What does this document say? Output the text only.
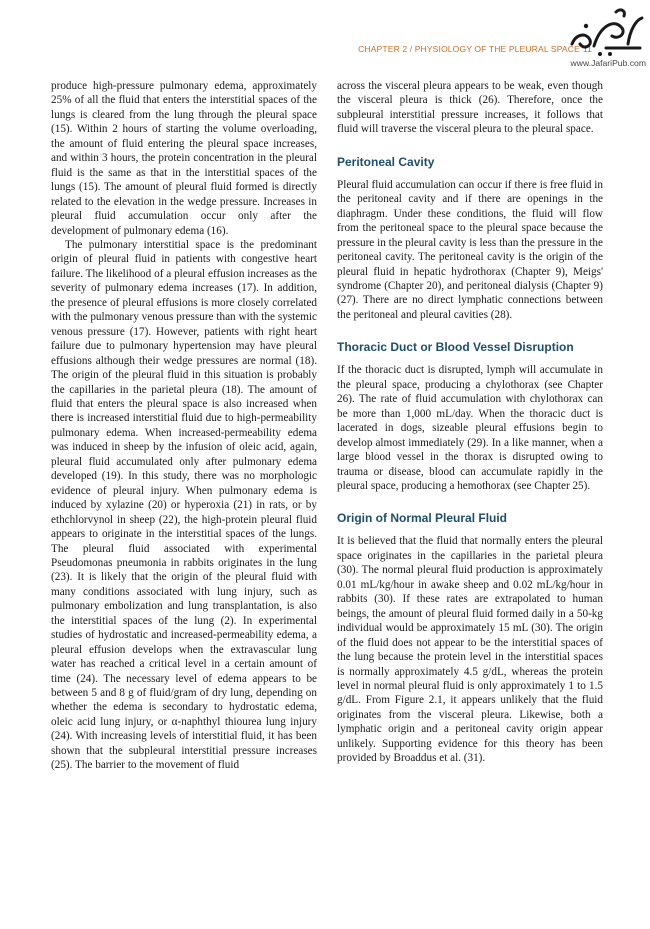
CHAPTER 2 / PHYSIOLOGY OF THE PLEURAL SPACE 11
www.JafariPub.com

produce high-pressure pulmonary edema, approximately 25% of all the fluid that enters the interstitial spaces of the lungs is cleared from the lung through the pleural space (15). Within 2 hours of starting the volume overloading, the amount of fluid entering the pleural space increases, and within 3 hours, the protein concentration in the pleural fluid is the same as that in the interstitial spaces of the lungs (15). The amount of pleural fluid formed is directly related to the elevation in the wedge pressure. Increases in pleural fluid accumulation occur only after the development of pulmonary edema (16).

The pulmonary interstitial space is the predominant origin of pleural fluid in patients with congestive heart failure. The likelihood of a pleural effusion increases as the severity of pulmonary edema increases (17). In addition, the presence of pleural effusions is more closely correlated with the pulmonary venous pressure than with the systemic venous pressure (17). However, patients with right heart failure due to pulmonary hypertension may have pleural effusions although their wedge pressures are normal (18). The origin of the pleural fluid in this situation is probably the capillaries in the parietal pleura (18). The amount of fluid that enters the pleural space is also increased when there is increased interstitial fluid due to high-permeability pulmonary edema. When increased-permeability edema was induced in sheep by the infusion of oleic acid, again, pleural fluid accumulated only after pulmonary edema developed (19). In this study, there was no morphologic evidence of pleural injury. When pulmonary edema is induced by xylazine (20) or hyperoxia (21) in rats, or by ethchlorvynol in sheep (22), the high-protein pleural fluid appears to originate in the interstitial spaces of the lungs. The pleural fluid associated with experimental Pseudomonas pneumonia in rabbits originates in the lung (23). It is likely that the origin of the pleural fluid with many conditions associated with lung injury, such as pulmonary embolization and lung transplantation, is also the interstitial spaces of the lung (2). In experimental studies of hydrostatic and increased-permeability edema, a pleural effusion develops when the extravascular lung water has reached a critical level in a certain amount of time (24). The necessary level of edema appears to be between 5 and 8 g of fluid/gram of dry lung, depending on whether the edema is secondary to hydrostatic edema, oleic acid lung injury, or α-naphthyl thiourea lung injury (24). With increasing levels of interstitial fluid, it has been shown that the subpleural interstitial pressure increases (25). The barrier to the movement of fluid

across the visceral pleura appears to be weak, even though the visceral pleura is thick (26). Therefore, once the subpleural interstitial pressure increases, it follows that fluid will traverse the visceral pleura to the pleural space.

Peritoneal Cavity

Pleural fluid accumulation can occur if there is free fluid in the peritoneal cavity and if there are openings in the diaphragm. Under these conditions, the fluid will flow from the peritoneal space to the pleural space because the pressure in the pleural cavity is less than the pressure in the peritoneal cavity. The peritoneal cavity is the origin of the pleural fluid in hepatic hydrothorax (Chapter 9), Meigs' syndrome (Chapter 20), and peritoneal dialysis (Chapter 9) (27). There are no direct lymphatic connections between the peritoneal and pleural cavities (28).

Thoracic Duct or Blood Vessel Disruption

If the thoracic duct is disrupted, lymph will accumulate in the pleural space, producing a chylothorax (see Chapter 26). The rate of fluid accumulation with chylothorax can be more than 1,000 mL/day. When the thoracic duct is lacerated in dogs, sizeable pleural effusions begin to develop almost immediately (29). In a like manner, when a large blood vessel in the thorax is disrupted owing to trauma or disease, blood can accumulate rapidly in the pleural space, producing a hemothorax (see Chapter 25).

Origin of Normal Pleural Fluid

It is believed that the fluid that normally enters the pleural space originates in the capillaries in the parietal pleura (30). The normal pleural fluid production is approximately 0.01 mL/kg/hour in awake sheep and 0.02 mL/kg/hour in rabbits (30). If these rates are extrapolated to human beings, the amount of pleural fluid formed daily in a 50-kg individual would be approximately 15 mL (30). The origin of the fluid does not appear to be the interstitial spaces of the lung because the protein level in the interstitial spaces is normally approximately 4.5 g/dL, whereas the protein level in normal pleural fluid is only approximately 1 to 1.5 g/dL. From Figure 2.1, it appears unlikely that the fluid originates from the visceral pleura. Likewise, both a lymphatic origin and a peritoneal cavity origin appear unlikely. Supporting evidence for this theory has been provided by Broaddus et al. (31).
